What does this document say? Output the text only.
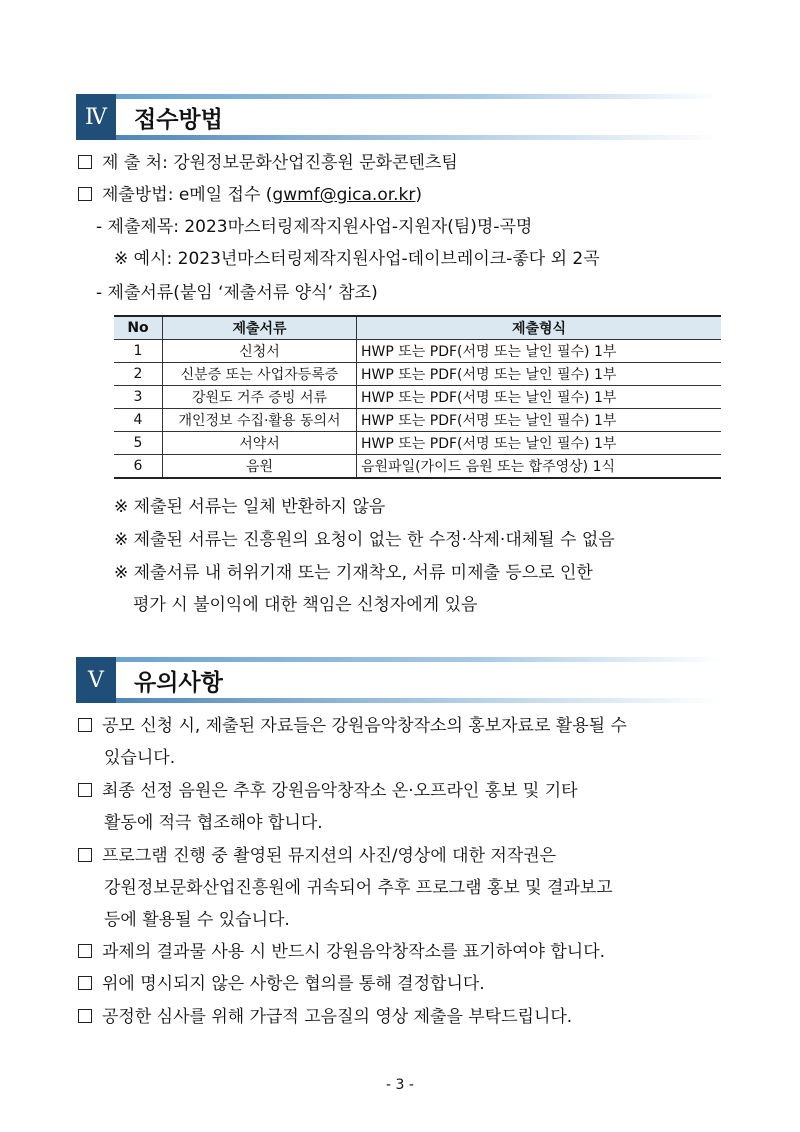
Ⅳ	접수방법
제 출 처: 강원정보문화산업진흥원 문화콘텐츠팀
제출방법: e메일 접수 (gwmf@gica.or.kr)
- 제출제목: 2023마스터링제작지원사업-지원자(팀)명-곡명
※ 예시: 2023년마스터링제작지원사업-데이브레이크-좋다 외 2곡
- 제출서류(붙임 ‘제출서류 양식’ 참조)
No	제출서류	제출형식
1	신청서	HWP 또는 PDF(서명 또는 날인 필수) 1부
2	신분증 또는 사업자등록증	HWP 또는 PDF(서명 또는 날인 필수) 1부
3	강원도 거주 증빙 서류	HWP 또는 PDF(서명 또는 날인 필수) 1부
4	개인정보 수집·활용 동의서	HWP 또는 PDF(서명 또는 날인 필수) 1부
5	서약서	HWP 또는 PDF(서명 또는 날인 필수) 1부
6	음원	음원파일(가이드 음원 또는 합주영상) 1식
※ 제출된 서류는 일체 반환하지 않음
※ 제출된 서류는 진흥원의 요청이 없는 한 수정·삭제·대체될 수 없음
※ 제출서류 내 허위기재 또는 기재착오, 서류 미제출 등으로 인한
평가 시 불이익에 대한 책임은 신청자에게 있음
Ⅴ	유의사항
공모 신청 시, 제출된 자료들은 강원음악창작소의 홍보자료로 활용될 수
있습니다.
최종 선정 음원은 추후 강원음악창작소 온·오프라인 홍보 및 기타
활동에 적극 협조해야 합니다.
프로그램 진행 중 촬영된 뮤지션의 사진/영상에 대한 저작권은
강원정보문화산업진흥원에 귀속되어 추후 프로그램 홍보 및 결과보고
등에 활용될 수 있습니다.
과제의 결과물 사용 시 반드시 강원음악창작소를 표기하여야 합니다.
위에 명시되지 않은 사항은 협의를 통해 결정합니다.
공정한 심사를 위해 가급적 고음질의 영상 제출을 부탁드립니다.
- 3 -
